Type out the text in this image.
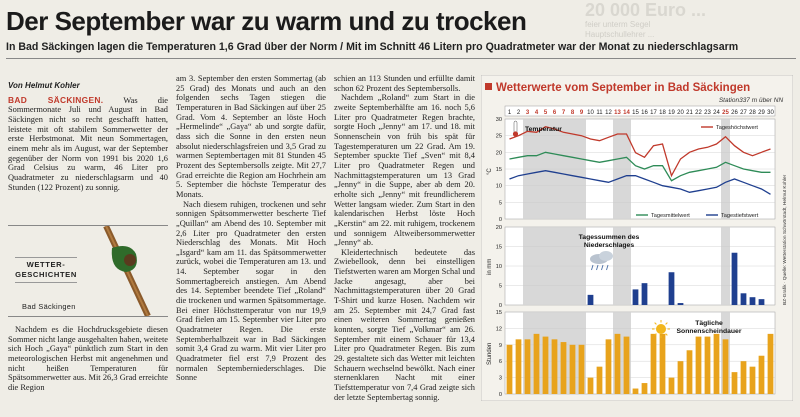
20 000 Euro ...
feier unterm Segel
Hauptschullehrer ...
Der September war zu warm und zu trocken
In Bad Säckingen lagen die Temperaturen 1,6 Grad über der Norm / Mit im Schnitt 46 Litern pro Quadratmeter war der Monat zu niederschlagsarm
Von Helmut Kohler

BAD SÄCKINGEN. Was die Sommermonate Juli und August in Bad Säckingen nicht so recht geschafft hatten, leistete mit oft stabilem Sommerwetter der erste Herbstmonat. Mit neun Sommertagen, einem mehr als im August, war der September gegenüber der Norm von 1991 bis 2020 1,6 Grad Celsius zu warm, 46 Liter pro Quadratmeter zu niederschlagsarm und 40 Stunden (122 Prozent) zu sonnig.

WETTER-
GESCHICHTEN
Bad Säckingen

Nachdem es die Hochdrucksgebiete diesen Sommer nicht lange ausgehalten haben, weitete sich Hoch „Gaya“ pünktlich zum Start in den meteorologischen Herbst mit angenehmen und nicht heißen Temperaturen für Spätsommerwetter aus. Mit 26,3 Grad erreichte die Region

am 3. September den ersten Sommertag (ab 25 Grad) des Monats und auch an den folgenden sechs Tagen stiegen die Temperaturen in Bad Säckingen auf über 25 Grad. Vom 4. September an löste Hoch „Hermelinde“ „Gaya“ ab und sorgte dafür, dass sich die Sonne in den ersten neun absolut niederschlagsfreien und 3,5 Grad zu warmen Septembertagen mit 81 Stunden 45 Prozent des Septembersolls zeigte. Mit 27,7 Grad erreichte die Region am Hochrhein am 5. September die höchste Temperatur des Monats.

Nach diesem ruhigen, trockenen und sehr sonnigen Spätsommerwetter bescherte Tief „Quillan“ am Abend des 10. September mit 2,6 Liter pro Quadratmeter den ersten Niederschlag des Monats. Mit Hoch „Isgard“ kam am 11. das Spätsommerwetter zurück, wobei die Temperaturen am 13. und 14. September sogar in den Sommertagbereich anstiegen. Am Abend des 14. September beendete Tief „Roland“ die trockenen und warmen Spätsommertage. Bei einer Höchsttemperatur von nur 19,9 Grad fielen am 15. September vier Liter pro Quadratmeter Regen. Die erste Septemberhalbzeit war in Bad Säckingen somit 3,4 Grad zu warm. Mit vier Liter pro Quadratmeter fiel erst 7,9 Prozent des normalen Septemberniederschlages. Die Sonne

schien an 113 Stunden und erfüllte damit schon 62 Prozent des Septembersolls.

Nachdem „Roland“ zum Start in die zweite Septemberhälfte am 16. noch 5,6 Liter pro Quadratmeter Regen brachte, sorgte Hoch „Jenny“ am 17. und 18. mit Sonnenschein von früh bis spät für Tagestemperaturen um 22 Grad. Am 19. September spuckte Tief „Sven“ mit 8,4 Liter pro Quadratmeter Regen und Nachmittagstemperaturen um 13 Grad „Jenny“ in die Suppe, aber ab dem 20. erholte sich „Jenny“ mit freundlicherem Wetter langsam wieder. Zum Start in den kalendarischen Herbst löste Hoch „Kerstin“ am 22. mit ruhigem, trockenem und sonnigem Altweibersommerwetter „Jenny“ ab.

Kleidertechnisch bedeutete das Zwiebellook, denn bei einstelligen Tiefstwerten waren am Morgen Schal und Jacke angesagt, aber bei Nachmittagstemperaturen über 20 Grad T-Shirt und kurze Hosen. Nachdem wir am 25. September mit 24,7 Grad fast einen weiteren Sommertag genießen konnten, sorgte Tief „Volkmar“ am 26. September mit einem Schauer für 13,4 Liter pro Quadratmeter Regen. Bis zum 29. gestaltete sich das Wetter mit leichten Schauern wechselnd bewölkt. Nach einer sternenklaren Nacht mit einer Tiefsttemperatur von 7,4 Grad zeigte sich der letzte Septembertag sonnig.

Wetterwerte vom September in Bad Säckingen
Station337 m über NN
1 2 3 4 5 6 7 8 9 10 11 12 13 14 15 16 17 18 19 20 21 22 23 24 25 26 27 28 29 30
0
5
10
15
20
25
30
°C
Temperatur	Tageshöchstwert
Tagesmittelwert	Tagestiefstwert
0
5
10
15
20
in mm
Tagessummen des
Niederschlages
0
3
6
9
12
15
Stunden
Tägliche
Sonnenscheindauer
BZ-Grafik · Quelle: Wetterstation Schwörstadt, Helmut Kohler
